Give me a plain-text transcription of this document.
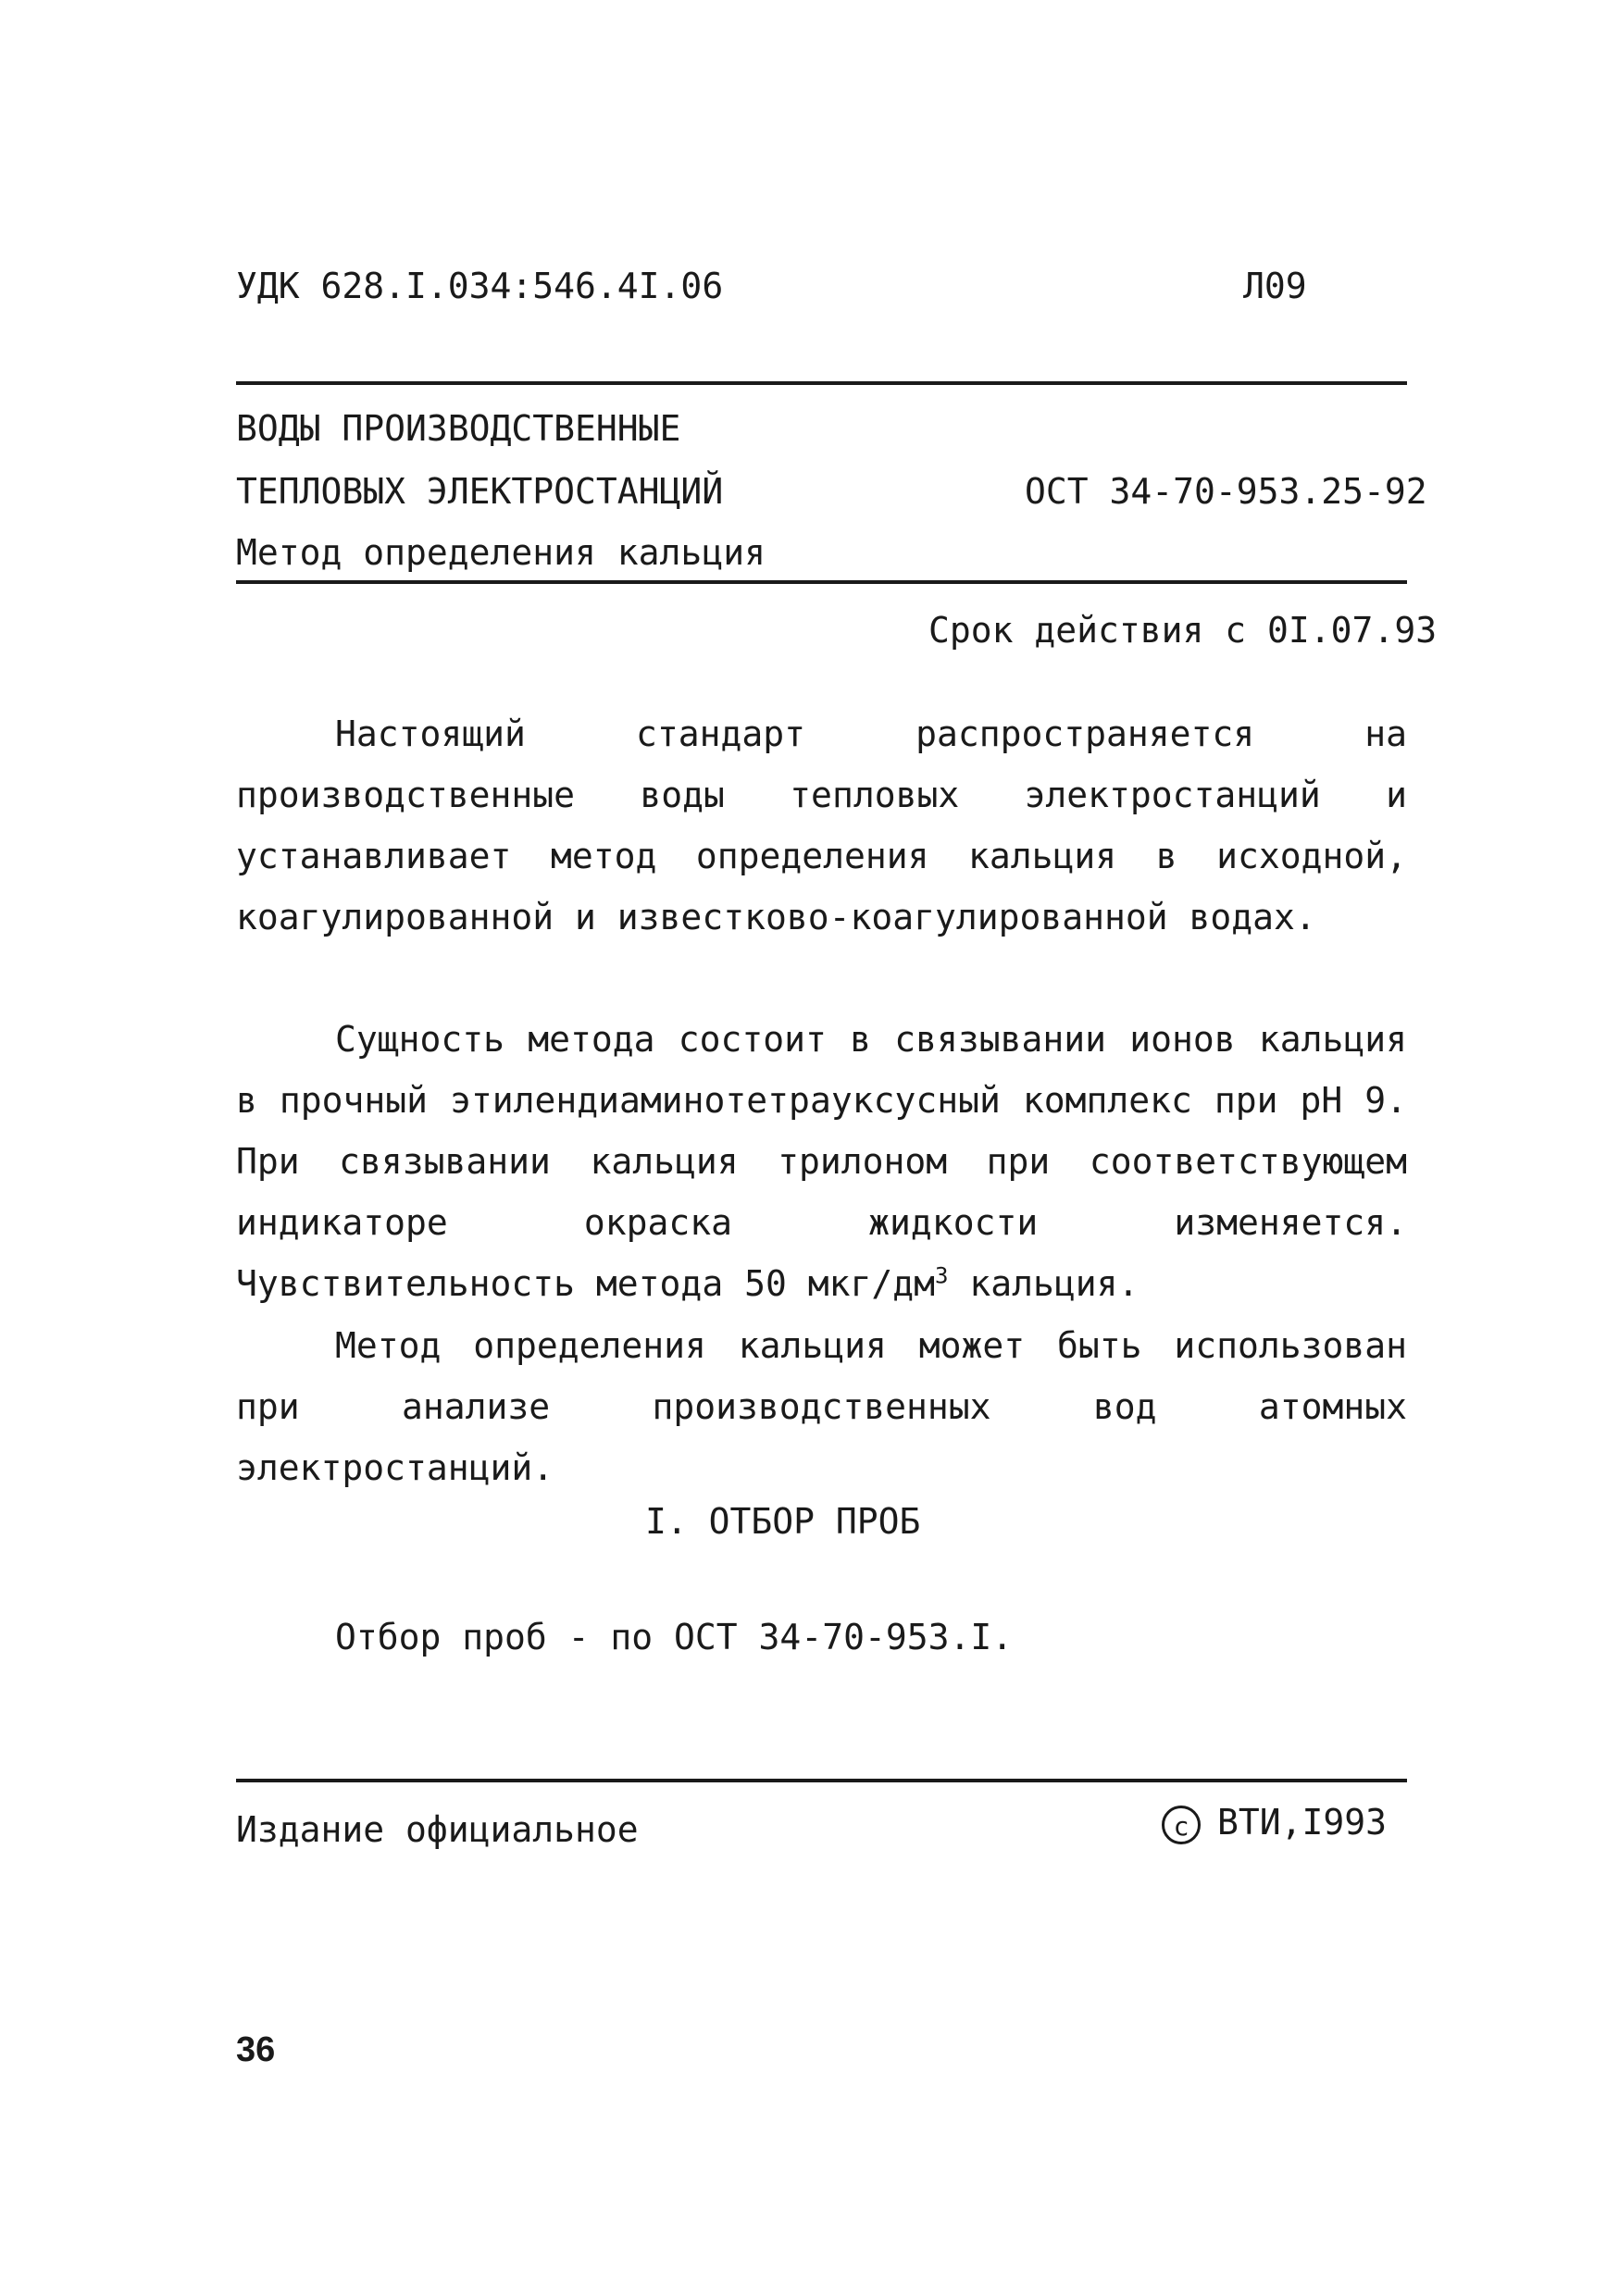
УДК 628.I.034:546.4I.06	Л09
ВОДЫ ПРОИЗВОДСТВЕННЫЕ
ТЕПЛОВЫХ ЭЛЕКТРОСТАНЦИЙ	ОСТ 34-70-953.25-92
Метод определения кальция
Срок действия с 0I.07.93
Настоящий стандарт распространяется на производственные воды тепловых электростанций и устанавливает метод определения кальция в исходной, коагулированной и известково-коагулированной водах.
Сущность метода состоит в связывании ионов кальция в прочный этилендиаминотетрауксусный комплекс при рН 9. При связывании кальция трилоном при соответствующем индикаторе окраска жидкости изменяется. Чувствительность метода 50 мкг/$дм^3$ кальция.
Метод определения кальция может быть использован при анализе производственных вод атомных электростанций.
I. ОТБОР ПРОБ
Отбор проб - по ОСТ 34-70-953.I.
Издание официальное	c ВТИ,I993
36
